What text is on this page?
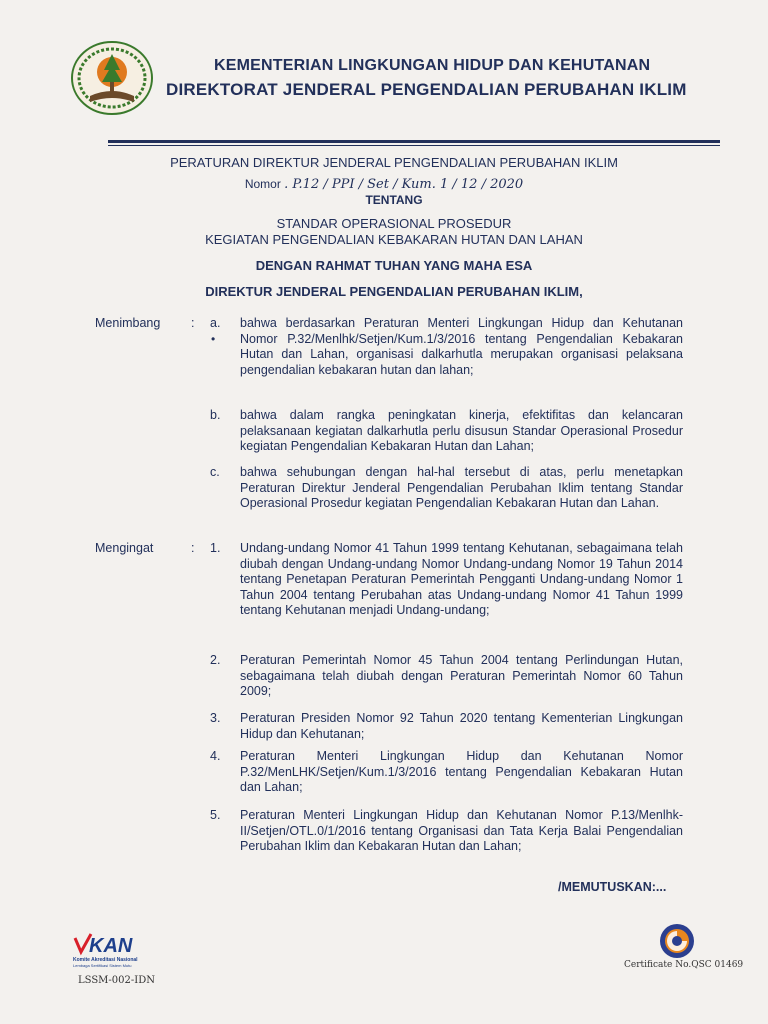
KEMENTERIAN LINGKUNGAN HIDUP DAN KEHUTANAN
DIREKTORAT JENDERAL PENGENDALIAN PERUBAHAN IKLIM
PERATURAN DIREKTUR JENDERAL PENGENDALIAN PERUBAHAN IKLIM
Nomor . P.12 / PPI / Set / Kum. 1 / 12 / 2020
TENTANG
STANDAR OPERASIONAL PROSEDUR
KEGIATAN PENGENDALIAN KEBAKARAN HUTAN DAN LAHAN
DENGAN RAHMAT TUHAN YANG MAHA ESA
DIREKTUR JENDERAL PENGENDALIAN PERUBAHAN IKLIM,
Menimbang :
•
a. bahwa berdasarkan Peraturan Menteri Lingkungan Hidup dan Kehutanan Nomor P.32/Menlhk/Setjen/Kum.1/3/2016 tentang Pengendalian Kebakaran Hutan dan Lahan, organisasi dalkarhutla merupakan organisasi pelaksana pengendalian kebakaran hutan dan lahan;
b. bahwa dalam rangka peningkatan kinerja, efektifitas dan kelancaran pelaksanaan kegiatan dalkarhutla perlu disusun Standar Operasional Prosedur kegiatan Pengendalian Kebakaran Hutan dan Lahan;
c. bahwa sehubungan dengan hal-hal tersebut di atas, perlu menetapkan Peraturan Direktur Jenderal Pengendalian Perubahan Iklim tentang Standar Operasional Prosedur kegiatan Pengendalian Kebakaran Hutan dan Lahan.
Mengingat	: 1. Undang-undang Nomor 41 Tahun 1999 tentang Kehutanan, sebagaimana telah diubah dengan Undang-undang Nomor Undang-undang Nomor 19 Tahun 2014 tentang Penetapan Peraturan Pemerintah Pengganti Undang-undang Nomor 1 Tahun 2004 tentang Perubahan atas Undang-undang Nomor 41 Tahun 1999 tentang Kehutanan menjadi Undang-undang;
2. Peraturan Pemerintah Nomor 45 Tahun 2004 tentang Perlindungan Hutan, sebagaimana telah diubah dengan Peraturan Pemerintah Nomor 60 Tahun 2009;
3. Peraturan Presiden Nomor 92 Tahun 2020 tentang Kementerian Lingkungan Hidup dan Kehutanan;
4. Peraturan Menteri Lingkungan Hidup dan Kehutanan Nomor P.32/MenLHK/Setjen/Kum.1/3/2016 tentang Pengendalian Kebakaran Hutan dan Lahan;
5. Peraturan Menteri Lingkungan Hidup dan Kehutanan Nomor P.13/Menlhk-II/Setjen/OTL.0/1/2016 tentang Organisasi dan Tata Kerja Balai Pengendalian Perubahan Iklim dan Kebakaran Hutan dan Lahan;
/MEMUTUSKAN:...
KAN
Komite Akreditasi Nasional
Lembaga Sertifikasi Sistem Mutu
LSSM-002-IDN
Certificate No.QSC 01469
